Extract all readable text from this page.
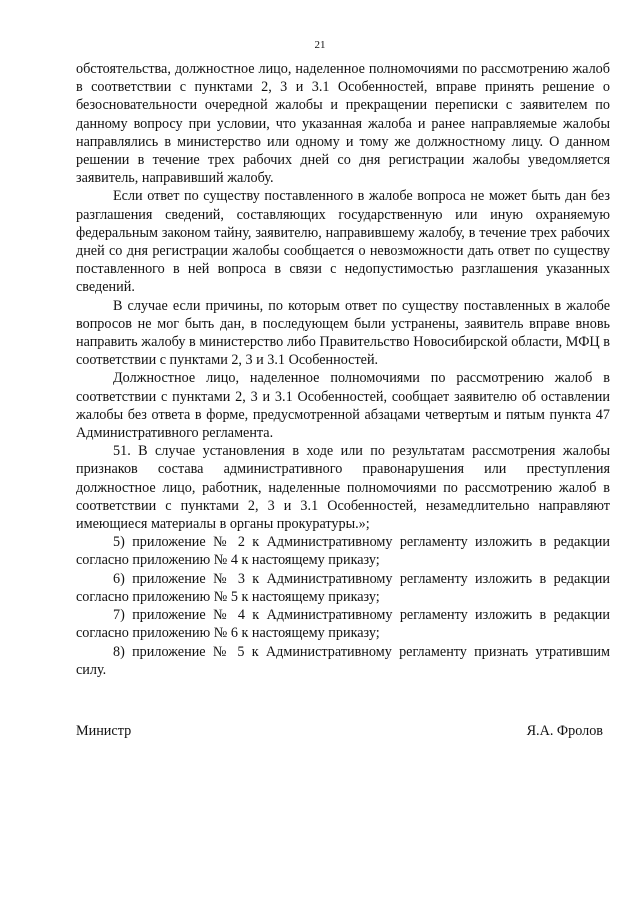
21

обстоятельства, должностное лицо, наделенное полномочиями по рассмотрению жалоб в соответствии с пунктами 2, 3 и 3.1 Особенностей, вправе принять решение о безосновательности очередной жалобы и прекращении переписки с заявителем по данному вопросу при условии, что указанная жалоба и ранее направляемые жалобы направлялись в министерство или одному и тому же должностному лицу. О данном решении в течение трех рабочих дней со дня регистрации жалобы уведомляется заявитель, направивший жалобу.

Если ответ по существу поставленного в жалобе вопроса не может быть дан без разглашения сведений, составляющих государственную или иную охраняемую федеральным законом тайну, заявителю, направившему жалобу, в течение трех рабочих дней со дня регистрации жалобы сообщается о невозможности дать ответ по существу поставленного в ней вопроса в связи с недопустимостью разглашения указанных сведений.

В случае если причины, по которым ответ по существу поставленных в жалобе вопросов не мог быть дан, в последующем были устранены, заявитель вправе вновь направить жалобу в министерство либо Правительство Новосибирской области, МФЦ в соответствии с пунктами 2, 3 и 3.1 Особенностей.

Должностное лицо, наделенное полномочиями по рассмотрению жалоб в соответствии с пунктами 2, 3 и 3.1 Особенностей, сообщает заявителю об оставлении жалобы без ответа в форме, предусмотренной абзацами четвертым и пятым пункта 47 Административного регламента.

51. В случае установления в ходе или по результатам рассмотрения жалобы признаков состава административного правонарушения или преступления должностное лицо, работник, наделенные полномочиями по рассмотрению жалоб в соответствии с пунктами 2, 3 и 3.1 Особенностей, незамедлительно направляют имеющиеся материалы в органы прокуратуры.»;

5) приложение № 2 к Административному регламенту изложить в редакции согласно приложению № 4 к настоящему приказу;

6) приложение № 3 к Административному регламенту изложить в редакции согласно приложению № 5 к настоящему приказу;

7) приложение № 4 к Административному регламенту изложить в редакции согласно приложению № 6 к настоящему приказу;

8) приложение № 5 к Административному регламенту признать утратившим силу.

Министр	Я.А. Фролов
